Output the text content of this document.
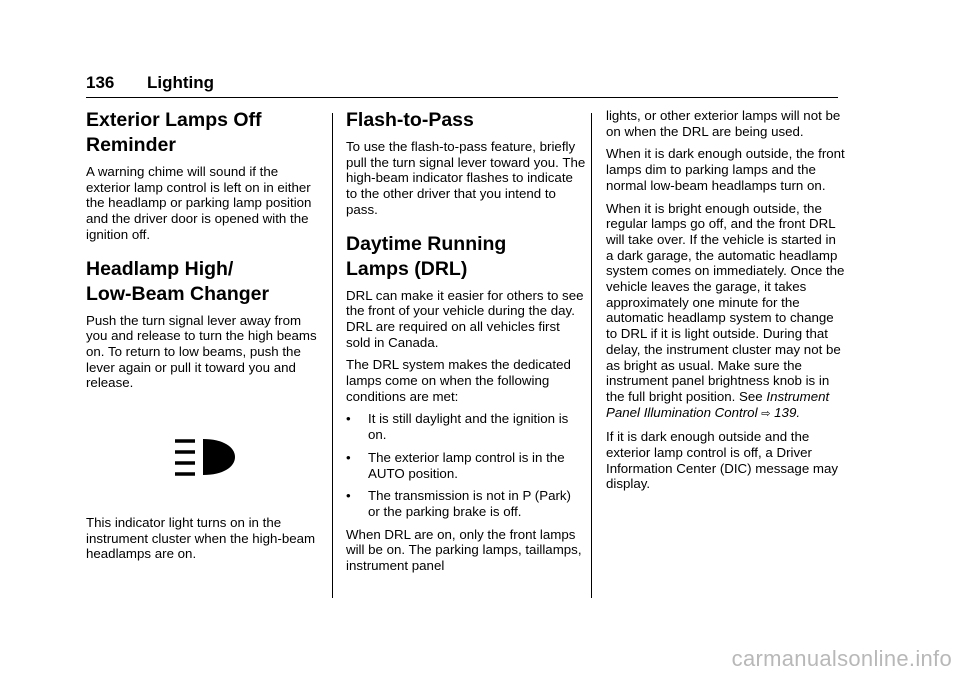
136 Lighting
Exterior Lamps Off
Reminder

A warning chime will sound if the exterior lamp control is left on in either the headlamp or parking lamp position and the driver door is opened with the ignition off.

Headlamp High/
Low-Beam Changer

Push the turn signal lever away from you and release to turn the high beams on. To return to low beams, push the lever again or pull it toward you and release.

This indicator light turns on in the instrument cluster when the high-beam headlamps are on.

Flash-to-Pass

To use the flash-to-pass feature, briefly pull the turn signal lever toward you. The high-beam indicator flashes to indicate to the other driver that you intend to pass.

Daytime Running
Lamps (DRL)

DRL can make it easier for others to see the front of your vehicle during the day. DRL are required on all vehicles first sold in Canada.

The DRL system makes the dedicated lamps come on when the following conditions are met:

•	It is still daylight and the ignition is on.
•	The exterior lamp control is in the AUTO position.
•	The transmission is not in P (Park) or the parking brake is off.

When DRL are on, only the front lamps will be on. The parking lamps, taillamps, instrument panel

lights, or other exterior lamps will not be on when the DRL are being used.

When it is dark enough outside, the front lamps dim to parking lamps and the normal low-beam headlamps turn on.

When it is bright enough outside, the regular lamps go off, and the front DRL will take over. If the vehicle is started in a dark garage, the automatic headlamp system comes on immediately. Once the vehicle leaves the garage, it takes approximately one minute for the automatic headlamp system to change to DRL if it is light outside. During that delay, the instrument cluster may not be as bright as usual. Make sure the instrument panel brightness knob is in the full bright position. See Instrument Panel Illumination Control ⇨ 139.

If it is dark enough outside and the exterior lamp control is off, a Driver Information Center (DIC) message may display.

carmanualsonline.info
